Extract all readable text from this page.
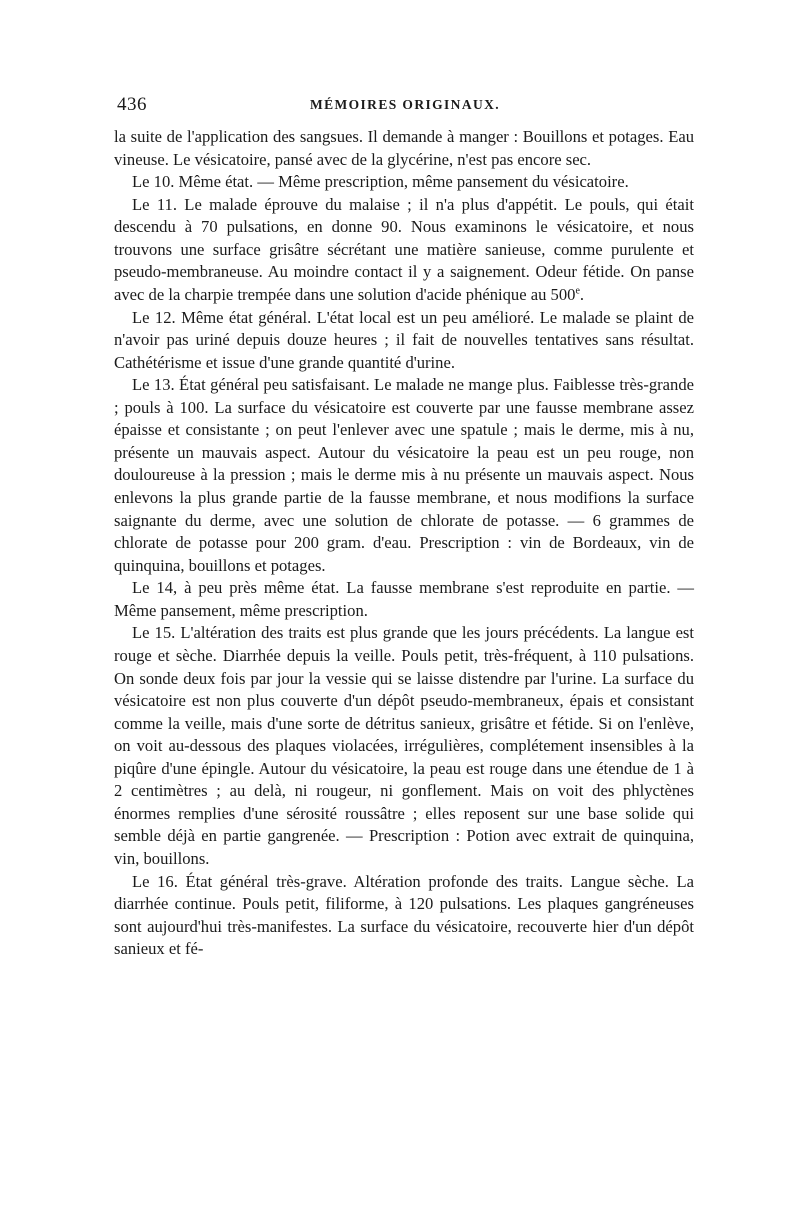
436	MÉMOIRES ORIGINAUX.

la suite de l'application des sangsues. Il demande à manger : Bouillons et potages. Eau vineuse. Le vésicatoire, pansé avec de la glycérine, n'est pas encore sec.

Le 10. Même état. — Même prescription, même pansement du vésicatoire.

Le 11. Le malade éprouve du malaise ; il n'a plus d'appétit. Le pouls, qui était descendu à 70 pulsations, en donne 90. Nous examinons le vésicatoire, et nous trouvons une surface grisâtre sécrétant une matière sanieuse, comme purulente et pseudo-membraneuse. Au moindre contact il y a saignement. Odeur fétide. On panse avec de la charpie trempée dans une solution d'acide phénique au 500e.

Le 12. Même état général. L'état local est un peu amélioré. Le malade se plaint de n'avoir pas uriné depuis douze heures ; il fait de nouvelles tentatives sans résultat. Cathétérisme et issue d'une grande quantité d'urine.

Le 13. État général peu satisfaisant. Le malade ne mange plus. Faiblesse très-grande ; pouls à 100. La surface du vésicatoire est couverte par une fausse membrane assez épaisse et consistante ; on peut l'enlever avec une spatule ; mais le derme, mis à nu, présente un mauvais aspect. Autour du vésicatoire la peau est un peu rouge, non douloureuse à la pression ; mais le derme mis à nu présente un mauvais aspect. Nous enlevons la plus grande partie de la fausse membrane, et nous modifions la surface saignante du derme, avec une solution de chlorate de potasse. — 6 grammes de chlorate de potasse pour 200 gram. d'eau. Prescription : vin de Bordeaux, vin de quinquina, bouillons et potages.

Le 14, à peu près même état. La fausse membrane s'est reproduite en partie. — Même pansement, même prescription.

Le 15. L'altération des traits est plus grande que les jours précédents. La langue est rouge et sèche. Diarrhée depuis la veille. Pouls petit, très-fréquent, à 110 pulsations. On sonde deux fois par jour la vessie qui se laisse distendre par l'urine. La surface du vésicatoire est non plus couverte d'un dépôt pseudo-membraneux, épais et consistant comme la veille, mais d'une sorte de détritus sanieux, grisâtre et fétide. Si on l'enlève, on voit au-dessous des plaques violacées, irrégulières, complétement insensibles à la piqûre d'une épingle. Autour du vésicatoire, la peau est rouge dans une étendue de 1 à 2 centimètres ; au delà, ni rougeur, ni gonflement. Mais on voit des phlyctènes énormes remplies d'une sérosité roussâtre ; elles reposent sur une base solide qui semble déjà en partie gangrenée. — Prescription : Potion avec extrait de quinquina, vin, bouillons.

Le 16. État général très-grave. Altération profonde des traits. Langue sèche. La diarrhée continue. Pouls petit, filiforme, à 120 pulsations. Les plaques gangréneuses sont aujourd'hui très-manifestes. La surface du vésicatoire, recouverte hier d'un dépôt sanieux et fé-
